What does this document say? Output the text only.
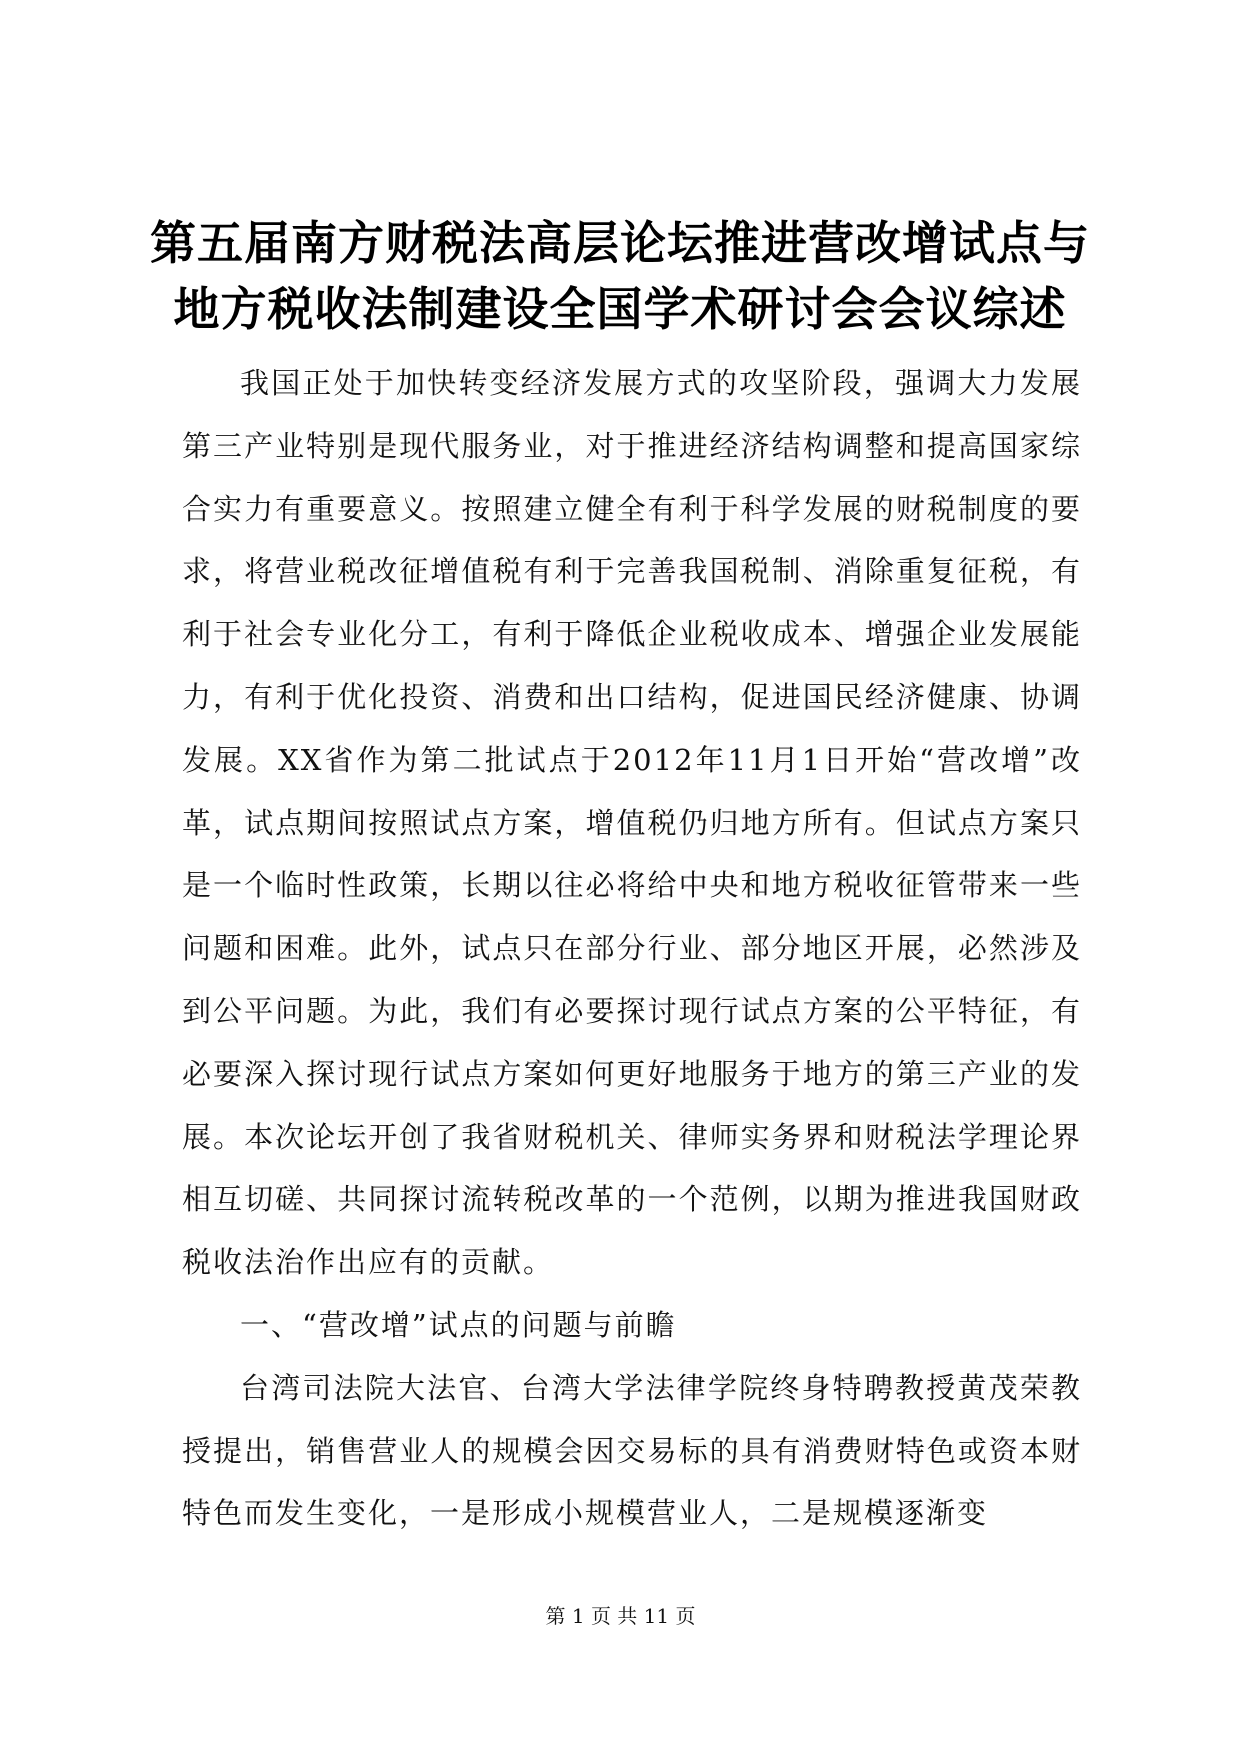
第五届南方财税法高层论坛推进营改增试点与
地方税收法制建设全国学术研讨会会议综述

我国正处于加快转变经济发展方式的攻坚阶段，强调大力发展第三产业特别是现代服务业，对于推进经济结构调整和提高国家综合实力有重要意义。按照建立健全有利于科学发展的财税制度的要求，将营业税改征增值税有利于完善我国税制、消除重复征税，有利于社会专业化分工，有利于降低企业税收成本、增强企业发展能力，有利于优化投资、消费和出口结构，促进国民经济健康、协调发展。XX省作为第二批试点于2012年11月1日开始“营改增”改革，试点期间按照试点方案，增值税仍归地方所有。但试点方案只是一个临时性政策，长期以往必将给中央和地方税收征管带来一些问题和困难。此外，试点只在部分行业、部分地区开展，必然涉及到公平问题。为此，我们有必要探讨现行试点方案的公平特征，有必要深入探讨现行试点方案如何更好地服务于地方的第三产业的发展。本次论坛开创了我省财税机关、律师实务界和财税法学理论界相互切磋、共同探讨流转税改革的一个范例，以期为推进我国财政税收法治作出应有的贡献。

一、“营改增”试点的问题与前瞻

台湾司法院大法官、台湾大学法律学院终身特聘教授黄茂荣教授提出，销售营业人的规模会因交易标的具有消费财特色或资本财特色而发生变化，一是形成小规模营业人，二是规模逐渐变

第 1 页 共 11 页
